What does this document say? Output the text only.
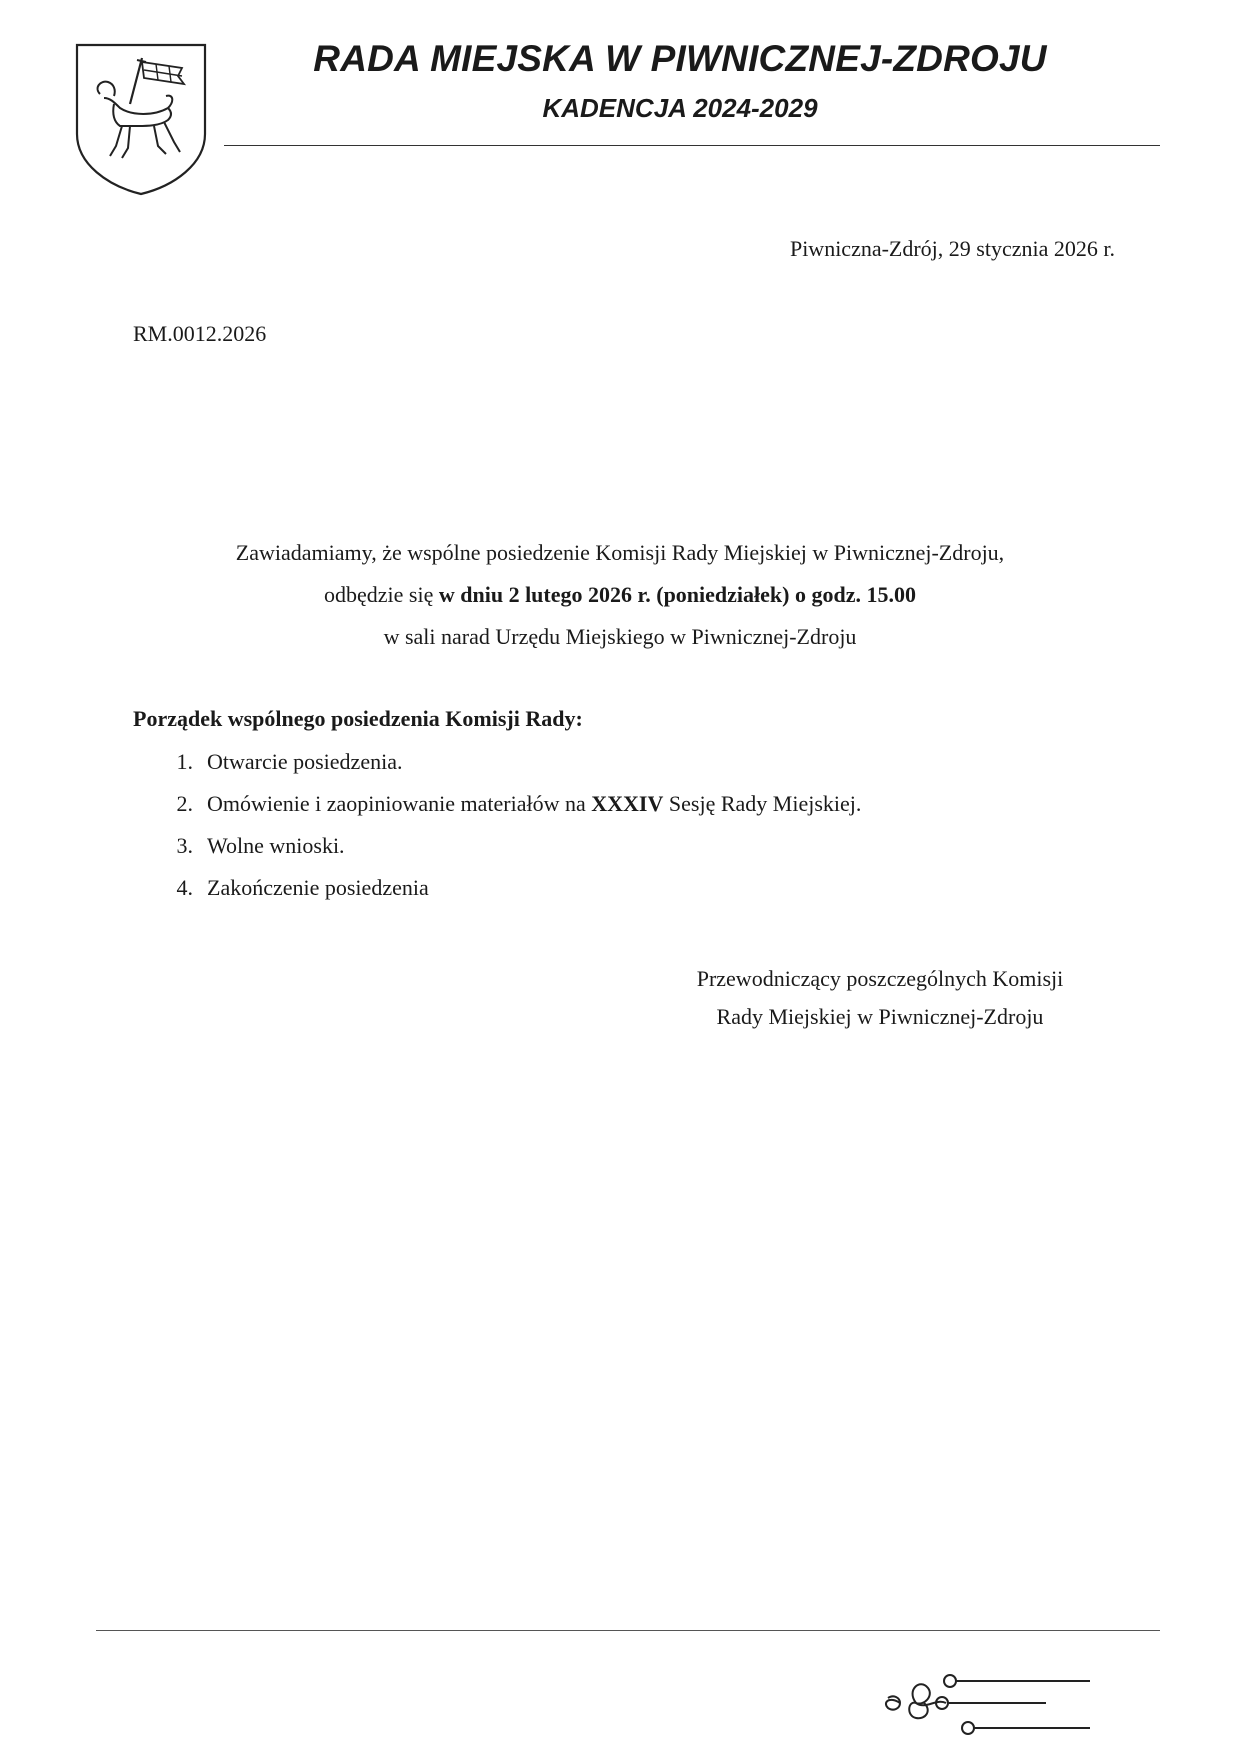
RADA MIEJSKA W PIWNICZNEJ-ZDROJU
KADENCJA 2024-2029
Piwniczna-Zdrój, 29 stycznia 2026 r.
RM.0012.2026
Zawiadamiamy, że wspólne posiedzenie Komisji Rady Miejskiej w Piwnicznej-Zdroju,
odbędzie się w dniu 2 lutego 2026 r. (poniedziałek) o godz. 15.00
w sali narad Urzędu Miejskiego w Piwnicznej-Zdroju
Porządek wspólnego posiedzenia Komisji Rady:
1. Otwarcie posiedzenia.
2. Omówienie i zaopiniowanie materiałów na XXXIV Sesję Rady Miejskiej.
3. Wolne wnioski.
4. Zakończenie posiedzenia
Przewodniczący poszczególnych Komisji
Rady Miejskiej w Piwnicznej-Zdroju
